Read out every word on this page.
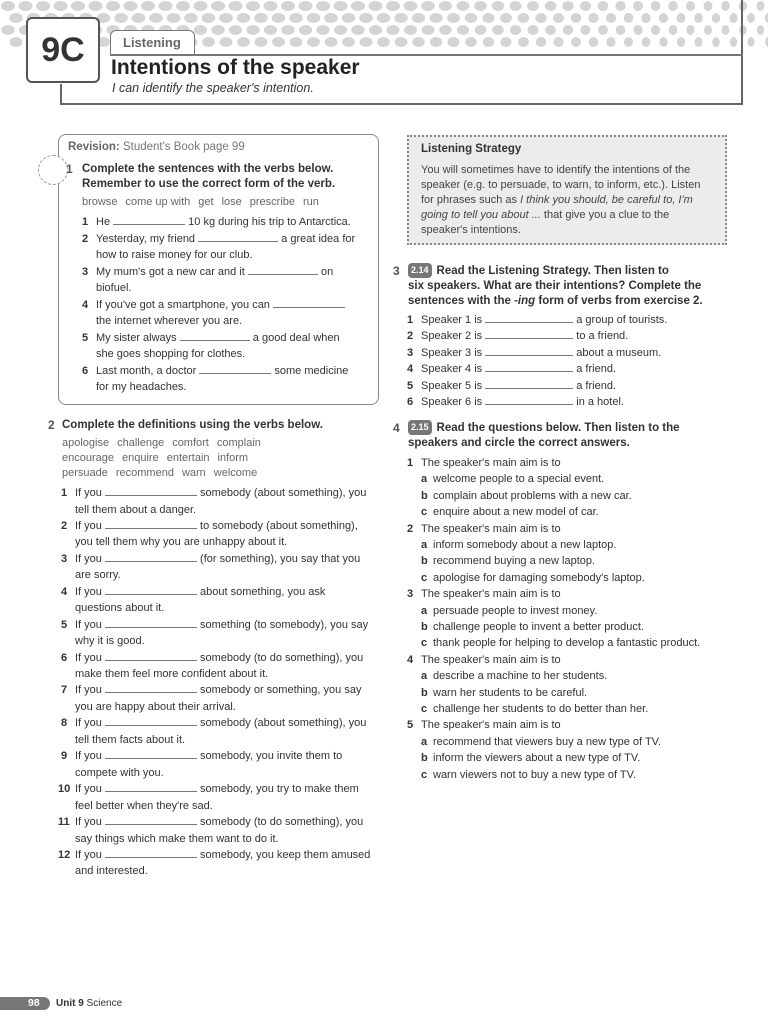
9C	Listening
Intentions of the speaker
I can identify the speaker's intention.
Revision: Student's Book page 99
1 Complete the sentences with the verbs below.
Remember to use the correct form of the verb.
browse come up with get lose prescribe run
1 He	10 kg during his trip to Antarctica.
2 Yesterday, my friend	a great idea for
how to raise money for our club.
3 My mum's got a new car and it	on
biofuel.
4 If you've got a smartphone, you can
the internet wherever you are.
5 My sister always	a good deal when
she goes shopping for clothes.
6 Last month, a doctor	some medicine
for my headaches.
2 Complete the definitions using the verbs below.
apologise challenge comfort complain
encourage enquire entertain inform
persuade recommend warn welcome
1 If you	somebody (about something), you
tell them about a danger.
2 If you	to somebody (about something),
you tell them why you are unhappy about it.
3 If you	(for something), you say that you
are sorry.
4 If you	about something, you ask
questions about it.
5 If you	something (to somebody), you say
why it is good.
6 If you	somebody (to do something), you
make them feel more confident about it.
7 If you	somebody or something, you say
you are happy about their arrival.
8 If you	somebody (about something), you
tell them facts about it.
9 If you	somebody, you invite them to
compete with you.
10 If you	somebody, you try to make them
feel better when they're sad.
11 If you	somebody (to do something), you
say things which make them want to do it.
12 If you	somebody, you keep them amused
and interested.
Listening Strategy
You will sometimes have to identify the intentions of the speaker (e.g. to persuade, to warn, to inform, etc.). Listen for phrases such as I think you should, be careful to, I'm going to tell you about ... that give you a clue to the speaker's intentions.
3	2.14 Read the Listening Strategy. Then listen to
six speakers. What are their intentions? Complete the
sentences with the -ing form of verbs from exercise 2.
1 Speaker 1 is	a group of tourists.
2 Speaker 2 is	to a friend.
3 Speaker 3 is	about a museum.
4 Speaker 4 is	a friend.
5 Speaker 5 is	a friend.
6 Speaker 6 is	in a hotel.
4	2.15 Read the questions below. Then listen to the
speakers and circle the correct answers.
1 The speaker's main aim is to
a welcome people to a special event.
b complain about problems with a new car.
c enquire about a new model of car.
2 The speaker's main aim is to
a inform somebody about a new laptop.
b recommend buying a new laptop.
c apologise for damaging somebody's laptop.
3 The speaker's main aim is to
a persuade people to invest money.
b challenge people to invent a better product.
c thank people for helping to develop a fantastic product.
4 The speaker's main aim is to
a describe a machine to her students.
b warn her students to be careful.
c challenge her students to do better than her.
5 The speaker's main aim is to
a recommend that viewers buy a new type of TV.
b inform the viewers about a new type of TV.
c warn viewers not to buy a new type of TV.
98 Unit 9 Science
